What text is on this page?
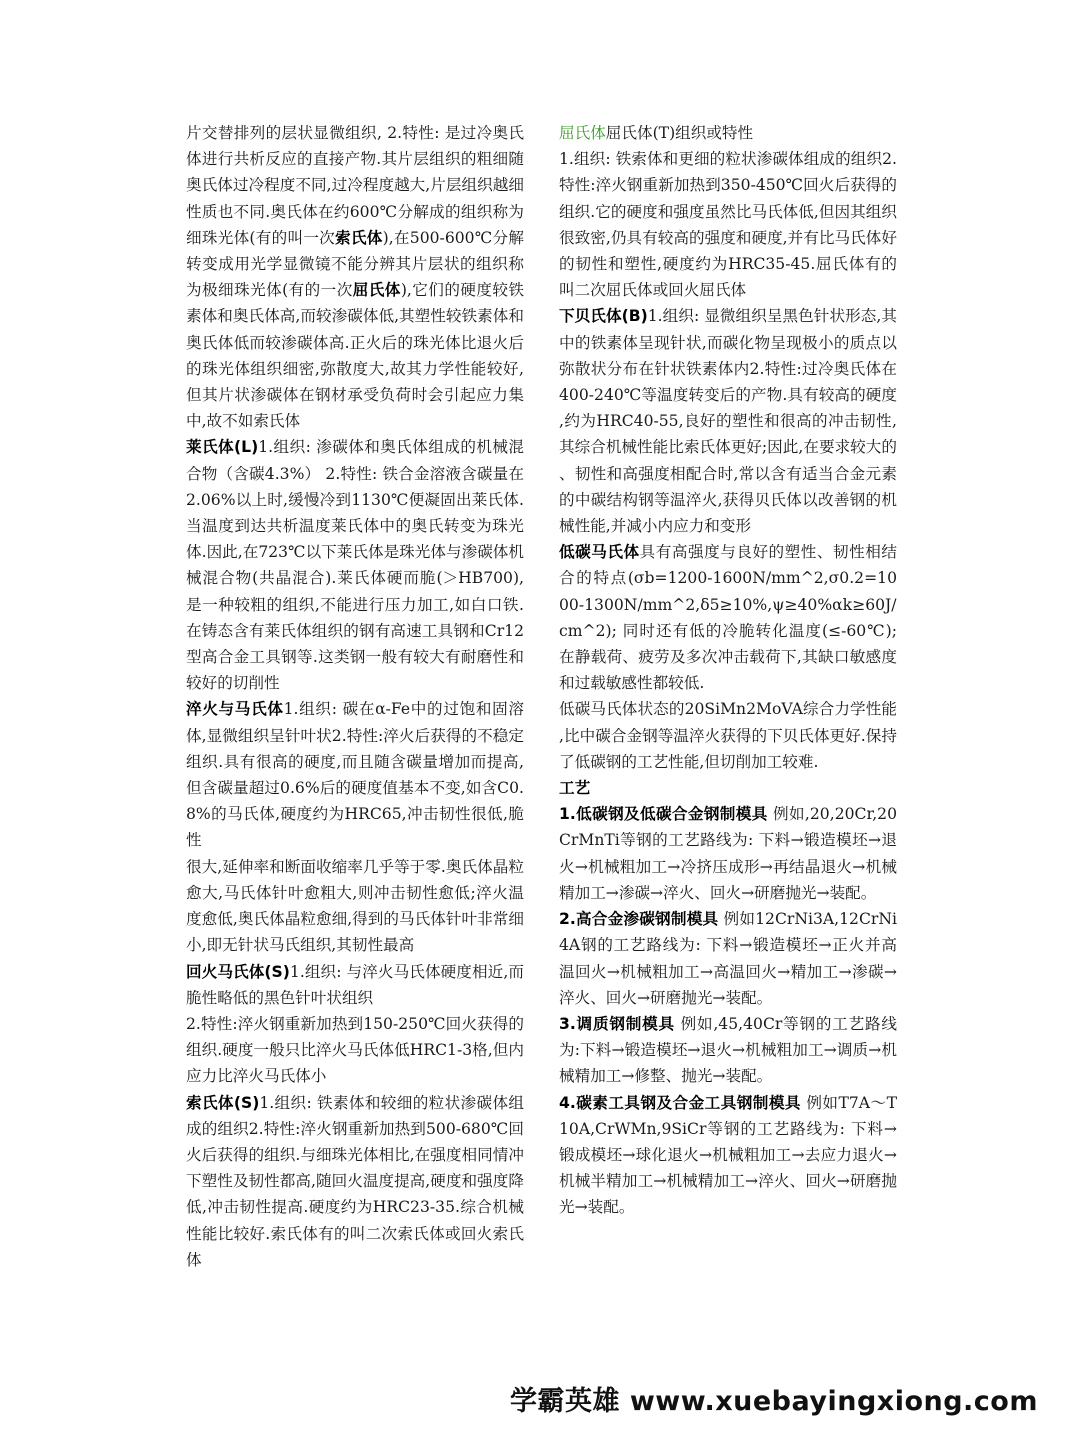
片交替排列的层状显微组织, 2.特性: 是过冷奥氏体进行共析反应的直接产物.其片层组织的粗细随奥氏体过冷程度不同,过冷程度越大,片层组织越细性质也不同.奥氏体在约600℃分解成的组织称为细珠光体(有的叫一次索氏体),在500-600℃分解转变成用光学显微镜不能分辨其片层状的组织称为极细珠光体(有的一次屈氏体),它们的硬度较铁素体和奥氏体高,而较渗碳体低,其塑性较铁素体和奥氏体低而较渗碳体高.正火后的珠光体比退火后的珠光体组织细密,弥散度大,故其力学性能较好,但其片状渗碳体在钢材承受负荷时会引起应力集中,故不如索氏体

莱氏体(L)1.组织: 渗碳体和奥氏体组成的机械混合物（含碳4.3%） 2.特性: 铁合金溶液含碳量在2.06%以上时,缓慢冷到1130℃便凝固出莱氏体.当温度到达共析温度莱氏体中的奥氏转变为珠光体.因此,在723℃以下莱氏体是珠光体与渗碳体机械混合物(共晶混合).莱氏体硬而脆(＞HB700),是一种较粗的组织,不能进行压力加工,如白口铁.在铸态含有莱氏体组织的钢有高速工具钢和Cr12型高合金工具钢等.这类钢一般有较大有耐磨性和较好的切削性

淬火与马氏体1.组织: 碳在α-Fe中的过饱和固溶体,显微组织呈针叶状2.特性:淬火后获得的不稳定组织.具有很高的硬度,而且随含碳量增加而提高,但含碳量超过0.6%后的硬度值基本不变,如含C0.8%的马氏体,硬度约为HRC65,冲击韧性很低,脆性

很大,延伸率和断面收缩率几乎等于零.奥氏体晶粒愈大,马氏体针叶愈粗大,则冲击韧性愈低;淬火温度愈低,奥氏体晶粒愈细,得到的马氏体针叶非常细小,即无针状马氏组织,其韧性最高

回火马氏体(S)1.组织: 与淬火马氏体硬度相近,而脆性略低的黑色针叶状组织

2.特性:淬火钢重新加热到150-250℃回火获得的组织.硬度一般只比淬火马氏体低HRC1-3格,但内应力比淬火马氏体小

索氏体(S)1.组织: 铁素体和较细的粒状渗碳体组成的组织2.特性:淬火钢重新加热到500-680℃回火后获得的组织.与细珠光体相比,在强度相同情冲下塑性及韧性都高,随回火温度提高,硬度和强度降低,冲击韧性提高.硬度约为HRC23-35.综合机械性能比较好.索氏体有的叫二次索氏体或回火索氏体

屈氏体屈氏体(T)组织或特性

1.组织: 铁索体和更细的粒状渗碳体组成的组织2.特性:淬火钢重新加热到350-450℃回火后获得的组织.它的硬度和强度虽然比马氏体低,但因其组织很致密,仍具有较高的强度和硬度,并有比马氏体好的韧性和塑性,硬度约为HRC35-45.屈氏体有的叫二次屈氏体或回火屈氏体

下贝氏体(B)1.组织: 显微组织呈黑色针状形态,其中的铁素体呈现针状,而碳化物呈现极小的质点以弥散状分布在针状铁素体内2.特性:过冷奥氏体在400-240℃等温度转变后的产物.具有较高的硬度,约为HRC40-55,良好的塑性和很高的冲击韧性,其综合机械性能比索氏体更好;因此,在要求较大的、韧性和高强度相配合时,常以含有适当合金元素的中碳结构钢等温淬火,获得贝氏体以改善钢的机械性能,并减小内应力和变形

低碳马氏体具有高强度与良好的塑性、韧性相结合的特点(σb=1200-1600N/mm^2,σ0.2=1000-1300N/mm^2,δ5≥10%,ψ≥40%αk≥60J/cm^2); 同时还有低的冷脆转化温度(≤-60℃);在静载荷、疲劳及多次冲击载荷下,其缺口敏感度和过载敏感性都较低.

低碳马氏体状态的20SiMn2MoVA综合力学性能,比中碳合金钢等温淬火获得的下贝氏体更好.保持了低碳钢的工艺性能,但切削加工较难.

工艺

1.低碳钢及低碳合金钢制模具 例如,20,20Cr,20CrMnTi等钢的工艺路线为: 下料→锻造模坯→退火→机械粗加工→冷挤压成形→再结晶退火→机械精加工→渗碳→淬火、回火→研磨抛光→装配。

2.高合金渗碳钢制模具 例如12CrNi3A,12CrNi4A钢的工艺路线为: 下料→锻造模坯→正火并高温回火→机械粗加工→高温回火→精加工→渗碳→淬火、回火→研磨抛光→装配。

3.调质钢制模具 例如,45,40Cr等钢的工艺路线为:下料→锻造模坯→退火→机械粗加工→调质→机械精加工→修整、抛光→装配。

4.碳素工具钢及合金工具钢制模具 例如T7A～T10A,CrWMn,9SiCr等钢的工艺路线为: 下料→锻成模坯→球化退火→机械粗加工→去应力退火→机械半精加工→机械精加工→淬火、回火→研磨抛光→装配。

学霸英雄 www.xuebayingxiong.com
